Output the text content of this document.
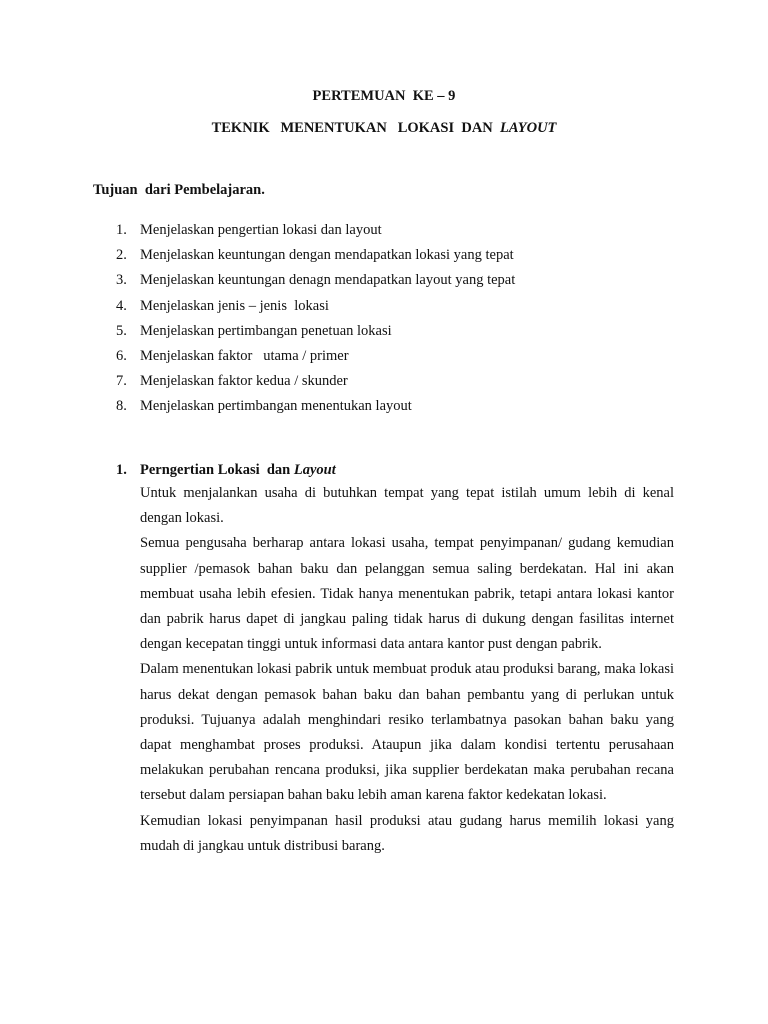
PERTEMUAN  KE – 9
TEKNIK   MENENTUKAN   LOKASI  DAN  LAYOUT
Tujuan  dari Pembelajaran.
1. Menjelaskan pengertian lokasi dan layout
2. Menjelaskan keuntungan dengan mendapatkan lokasi yang tepat
3. Menjelaskan keuntungan denagn mendapatkan layout yang tepat
4. Menjelaskan jenis – jenis  lokasi
5. Menjelaskan pertimbangan penetuan lokasi
6. Menjelaskan faktor   utama / primer
7. Menjelaskan faktor kedua / skunder
8. Menjelaskan pertimbangan menentukan layout
1. Perngertian Lokasi  dan Layout

Untuk menjalankan usaha di butuhkan tempat yang tepat istilah umum lebih di kenal dengan lokasi.

Semua pengusaha berharap antara lokasi usaha, tempat penyimpanan/ gudang kemudian supplier /pemasok bahan baku dan pelanggan semua saling berdekatan. Hal ini akan membuat usaha lebih efesien. Tidak hanya menentukan pabrik, tetapi antara lokasi kantor dan pabrik harus dapet di jangkau paling tidak harus di dukung dengan fasilitas internet dengan kecepatan tinggi untuk informasi data antara kantor pust dengan pabrik.

Dalam menentukan lokasi pabrik untuk membuat produk atau produksi barang, maka lokasi harus dekat dengan pemasok bahan baku dan bahan pembantu yang di perlukan untuk produksi. Tujuanya adalah menghindari resiko terlambatnya pasokan bahan baku yang dapat menghambat proses produksi. Ataupun jika dalam kondisi tertentu perusahaan melakukan perubahan rencana produksi, jika supplier berdekatan maka perubahan recana tersebut dalam persiapan bahan baku lebih aman karena faktor kedekatan lokasi.

Kemudian lokasi penyimpanan hasil produksi atau gudang harus memilih lokasi yang mudah di jangkau untuk distribusi barang.
